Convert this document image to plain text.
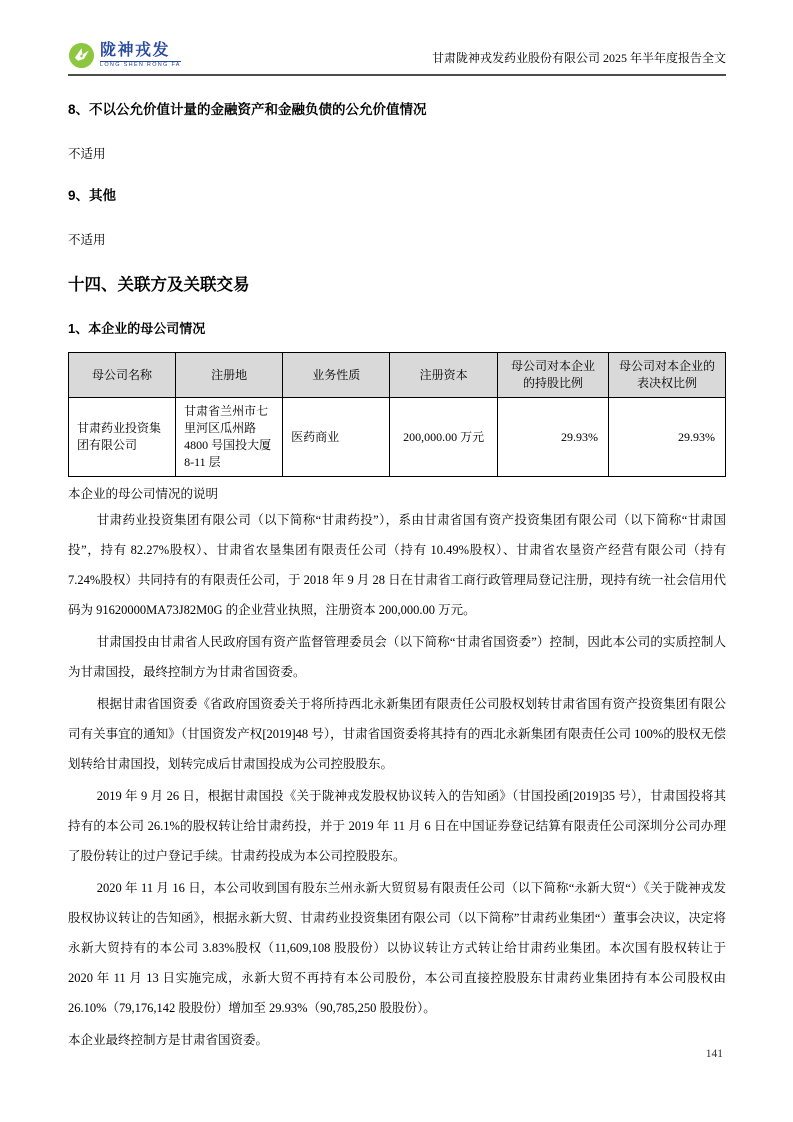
陇神戎发
LONG SHEN RONG FA	甘肃陇神戎发药业股份有限公司 2025 年半年度报告全文
8、不以公允价值计量的金融资产和金融负债的公允价值情况

不适用

9、其他

不适用

十四、关联方及关联交易
1、本企业的母公司情况
母公司名称	注册地	业务性质	注册资本	母公司对本企业的持股比例	母公司对本企业的表决权比例
甘肃药业投资集团有限公司	甘肃省兰州市七里河区瓜州路 4800 号国投大厦 8-11 层	医药商业	200,000.00 万元	29.93%	29.93%

本企业的母公司情况的说明

甘肃药业投资集团有限公司（以下简称“甘肃药投”），系由甘肃省国有资产投资集团有限公司（以下简称“甘肃国投”，持有 82.27%股权）、甘肃省农垦集团有限责任公司（持有 10.49%股权）、甘肃省农垦资产经营有限公司（持有 7.24%股权）共同持有的有限责任公司，于 2018 年 9 月 28 日在甘肃省工商行政管理局登记注册，现持有统一社会信用代码为 91620000MA73J82M0G 的企业营业执照，注册资本 200,000.00 万元。

甘肃国投由甘肃省人民政府国有资产监督管理委员会（以下简称“甘肃省国资委”）控制，因此本公司的实质控制人为甘肃国投，最终控制方为甘肃省国资委。

根据甘肃省国资委《省政府国资委关于将所持西北永新集团有限责任公司股权划转甘肃省国有资产投资集团有限公司有关事宜的通知》（甘国资发产权[2019]48 号），甘肃省国资委将其持有的西北永新集团有限责任公司 100%的股权无偿划转给甘肃国投，划转完成后甘肃国投成为公司控股股东。

2019 年 9 月 26 日，根据甘肃国投《关于陇神戎发股权协议转入的告知函》（甘国投函[2019]35 号），甘肃国投将其持有的本公司 26.1%的股权转让给甘肃药投，并于 2019 年 11 月 6 日在中国证券登记结算有限责任公司深圳分公司办理了股份转让的过户登记手续。甘肃药投成为本公司控股股东。

2020 年 11 月 16 日，本公司收到国有股东兰州永新大贸贸易有限责任公司（以下简称“永新大贸“）《关于陇神戎发股权协议转让的告知函》，根据永新大贸、甘肃药业投资集团有限公司（以下简称”甘肃药业集团“）董事会决议，决定将永新大贸持有的本公司 3.83%股权（11,609,108 股股份）以协议转让方式转让给甘肃药业集团。本次国有股权转让于 2020 年 11 月 13 日实施完成，永新大贸不再持有本公司股份，本公司直接控股股东甘肃药业集团持有本公司股权由 26.10%（79,176,142 股股份）增加至 29.93%（90,785,250 股股份）。

本企业最终控制方是甘肃省国资委。

141
